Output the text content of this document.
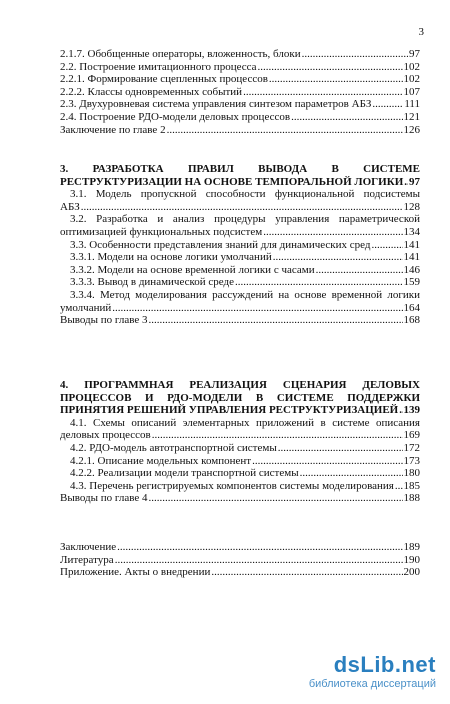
3
2.1.7. Обобщенные операторы, вложенность, блоки .....	97
2.2. Построение имитационного процесса .....	102
2.2.1. Формирование сцепленных процессов .....	102
2.2.2. Классы одновременных событий .....	107
2.3. Двухуровневая система управления синтезом параметров АБЗ .....	111
2.4. Построение РДО-модели деловых процессов .....	121
Заключение по главе 2 .....	126
3. РАЗРАБОТКА ПРАВИЛ ВЫВОДА В СИСТЕМЕ
РЕСТРУКТУРИЗАЦИИ НА ОСНОВЕ ТЕМПОРАЛЬНОЙ ЛОГИКИ ..... 97
3.1. Модель пропускной способности функциональной подсистемы
АБЗ .....	128
3.2. Разработка и анализ процедуры управления параметрической
оптимизацией функциональных подсистем .....	134
3.3. Особенности представления знаний для динамических сред .....	141
3.3.1. Модели на основе логики умолчаний .....	141
3.3.2. Модели на основе временной логики с часами .....	146
3.3.3. Вывод в динамической среде .....	159
3.3.4. Метод моделирования рассуждений на основе временной логики
умолчаний .....	164
Выводы по главе 3 .....	168
4. ПРОГРАММНАЯ РЕАЛИЗАЦИЯ СЦЕНАРИЯ ДЕЛОВЫХ
ПРОЦЕССОВ И РДО-МОДЕЛИ В СИСТЕМЕ ПОДДЕРЖКИ
ПРИНЯТИЯ РЕШЕНИЙ УПРАВЛЕНИЯ РЕСТРУКТУРИЗАЦИЕЙ ..... 139
4.1. Схемы описаний элементарных приложений в системе описания
деловых процессов .....	169
4.2. РДО-модель автотранспортной системы .....	172
4.2.1. Описание модельных компонент .....	173
4.2.2. Реализации модели транспортной системы .....	180
4.3. Перечень регистрируемых компонентов системы моделирования ..... 185
Выводы по главе 4 .....	188
Заключение .....	189
Литература .....	190
Приложение. Акты о внедрении .....	200
dsLib.net
библиотека диссертаций
